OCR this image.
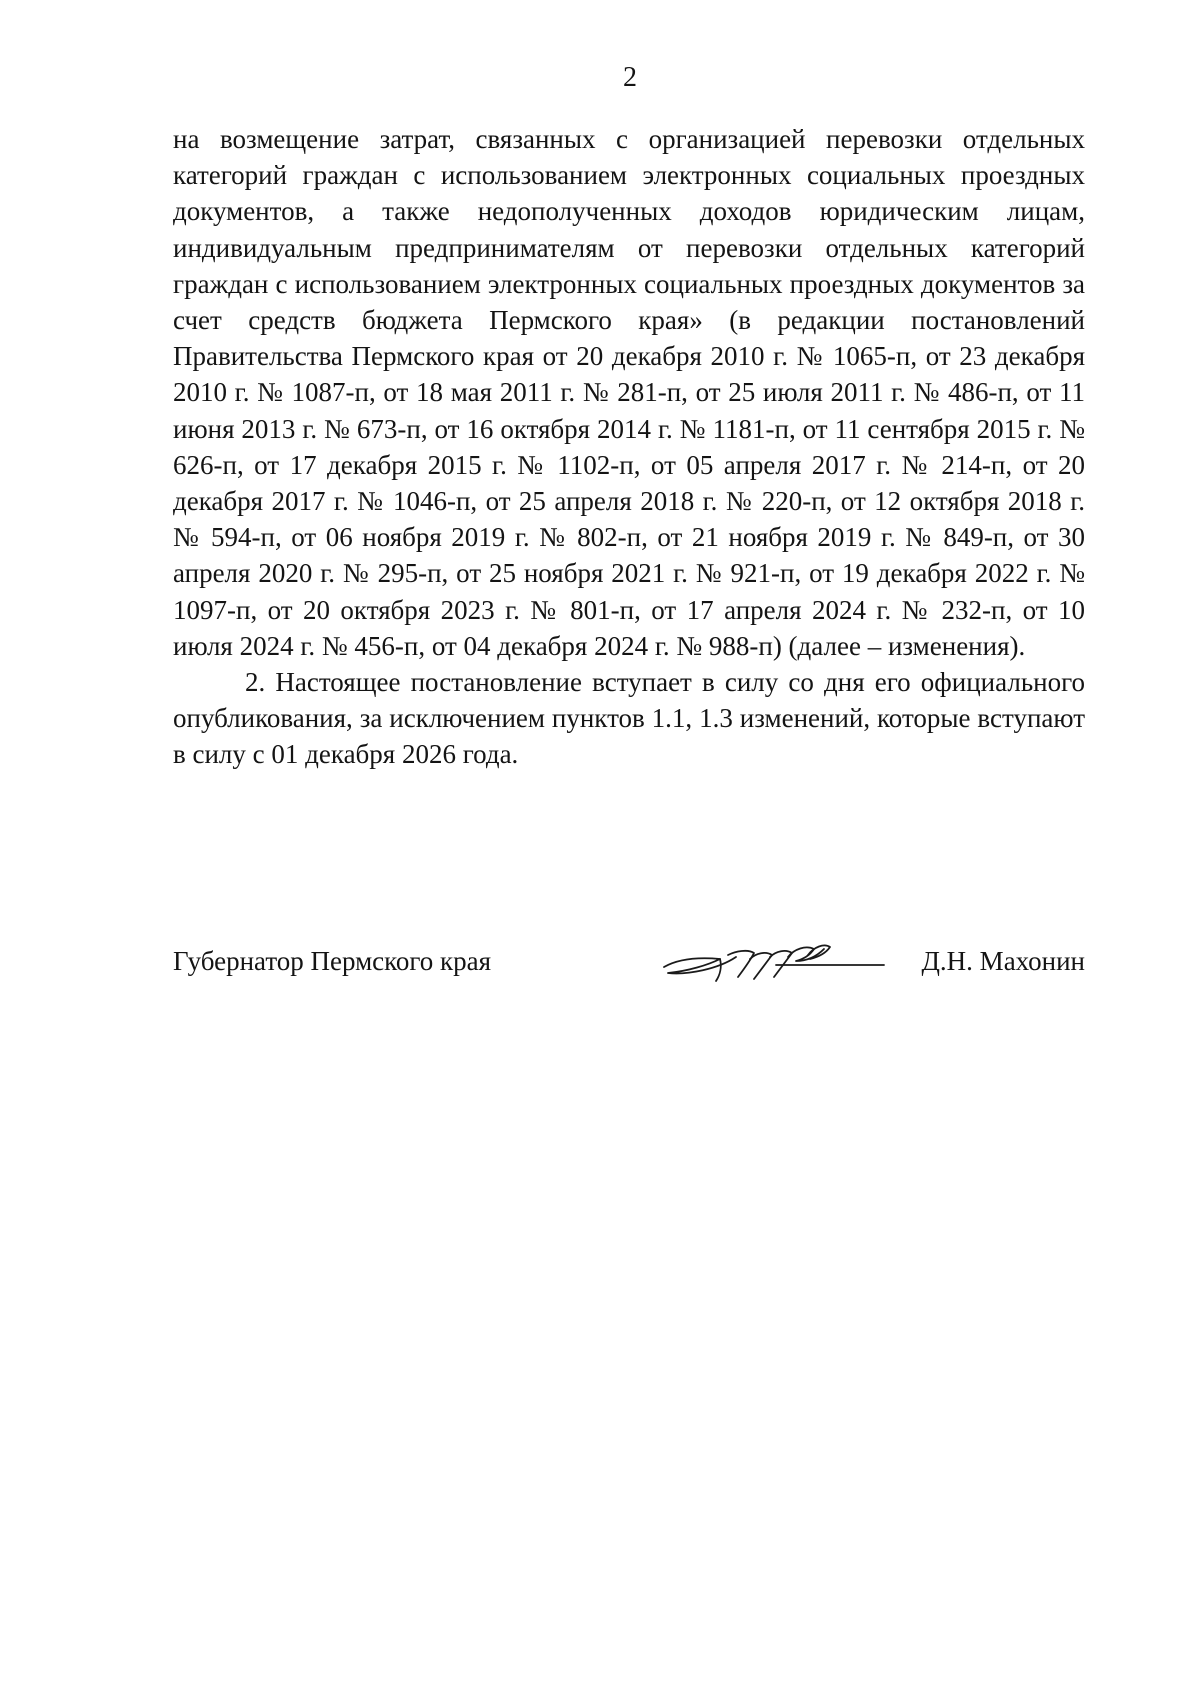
2

на возмещение затрат, связанных с организацией перевозки отдельных категорий граждан с использованием электронных социальных проездных документов, а также недополученных доходов юридическим лицам, индивидуальным предпринимателям от перевозки отдельных категорий граждан с использованием электронных социальных проездных документов за счет средств бюджета Пермского края» (в редакции постановлений Правительства Пермского края от 20 декабря 2010 г. № 1065-п, от 23 декабря 2010 г. № 1087-п, от 18 мая 2011 г. № 281-п, от 25 июля 2011 г. № 486-п, от 11 июня 2013 г. № 673-п, от 16 октября 2014 г. № 1181-п, от 11 сентября 2015 г. № 626-п, от 17 декабря 2015 г. № 1102-п, от 05 апреля 2017 г. № 214-п, от 20 декабря 2017 г. № 1046-п, от 25 апреля 2018 г. № 220-п, от 12 октября 2018 г. № 594-п, от 06 ноября 2019 г. № 802-п, от 21 ноября 2019 г. № 849-п, от 30 апреля 2020 г. № 295-п, от 25 ноября 2021 г. № 921-п, от 19 декабря 2022 г. № 1097-п, от 20 октября 2023 г. № 801-п, от 17 апреля 2024 г. № 232-п, от 10 июля 2024 г. № 456-п, от 04 декабря 2024 г. № 988-п) (далее – изменения).

2. Настоящее постановление вступает в силу со дня его официального опубликования, за исключением пунктов 1.1, 1.3 изменений, которые вступают в силу с 01 декабря 2026 года.

Губернатор Пермского края	Д.Н. Махонин
